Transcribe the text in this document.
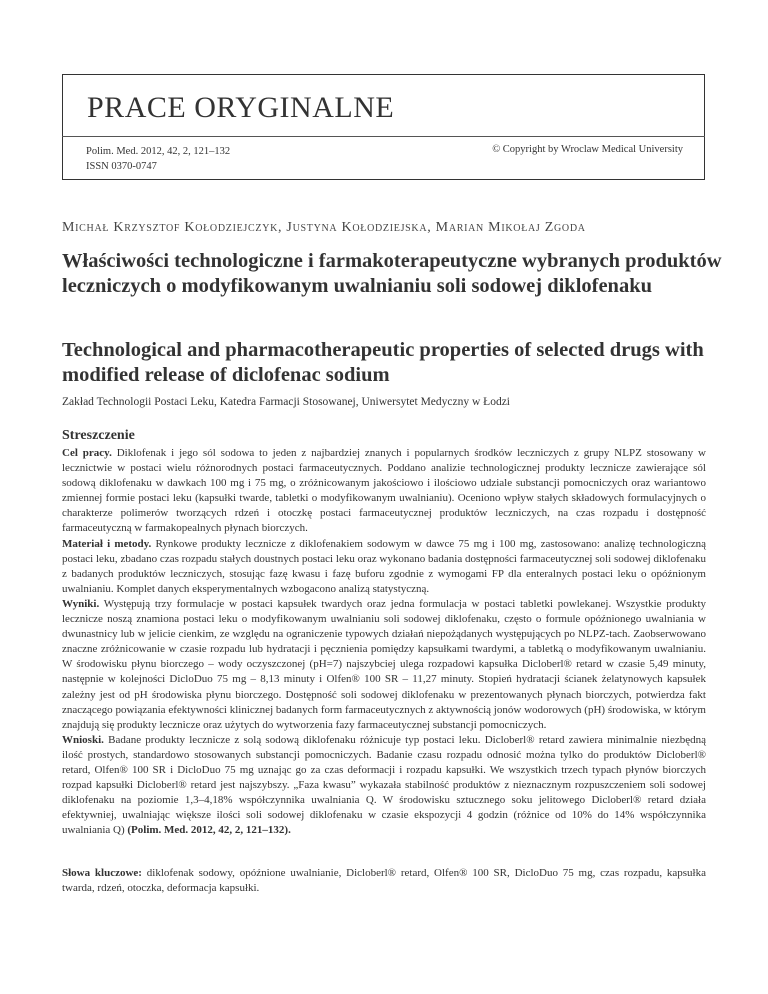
PRACE ORYGINALNE
Polim. Med. 2012, 42, 2, 121–132
ISSN 0370-0747
© Copyright by Wroclaw Medical University
Michał Krzysztof Kołodziejczyk, Justyna Kołodziejska, Marian Mikołaj Zgoda
Właściwości technologiczne i farmakoterapeutyczne wybranych produktów leczniczych o modyfikowanym uwalnianiu soli sodowej diklofenaku
Technological and pharmacotherapeutic properties of selected drugs with modified release of diclofenac sodium
Zakład Technologii Postaci Leku, Katedra Farmacji Stosowanej, Uniwersytet Medyczny w Łodzi
Streszczenie

Cel pracy. Diklofenak i jego sól sodowa to jeden z najbardziej znanych i popularnych środków leczniczych z grupy NLPZ stosowany w lecznictwie w postaci wielu różnorodnych postaci farmaceutycznych. Poddano analizie technologicznej produkty lecznicze zawierające sól sodową diklofenaku w dawkach 100 mg i 75 mg, o zróżnicowanym jakościowo i ilościowo udziale substancji pomocniczych oraz wariantowo zmiennej formie postaci leku (kapsułki twarde, tabletki o modyfikowanym uwalnianiu). Oceniono wpływ stałych składowych formulacyjnych o charakterze polimerów tworzących rdzeń i otoczkę postaci farmaceutycznej produktów leczniczych, na czas rozpadu i dostępność farmaceutyczną w farmakopealnych płynach biorczych.

Materiał i metody. Rynkowe produkty lecznicze z diklofenakiem sodowym w dawce 75 mg i 100 mg, zastosowano: analizę technologiczną postaci leku, zbadano czas rozpadu stałych doustnych postaci leku oraz wykonano badania dostępności farmaceutycznej soli sodowej diklofenaku z badanych produktów leczniczych, stosując fazę kwasu i fazę buforu zgodnie z wymogami FP dla enteralnych postaci leku o opóźnionym uwalnianiu. Komplet danych eksperymentalnych wzbogacono analizą statystyczną.

Wyniki. Występują trzy formulacje w postaci kapsułek twardych oraz jedna formulacja w postaci tabletki powlekanej. Wszystkie produkty lecznicze noszą znamiona postaci leku o modyfikowanym uwalnianiu soli sodowej diklofenaku, często o formule opóźnionego uwalniania w dwunastnicy lub w jelicie cienkim, ze względu na ograniczenie typowych działań niepożądanych występujących po NLPZ-tach. Zaobserwowano znaczne zróżnicowanie w czasie rozpadu lub hydratacji i pęcznienia pomiędzy kapsułkami twardymi, a tabletką o modyfikowanym uwalnianiu. W środowisku płynu biorczego – wody oczyszczonej (pH=7) najszybciej ulega rozpadowi kapsułka Dicloberl® retard w czasie 5,49 minuty, następnie w kolejności DicloDuo 75 mg – 8,13 minuty i Olfen® 100 SR – 11,27 minuty. Stopień hydratacji ścianek żelatynowych kapsułek zależny jest od pH środowiska płynu biorczego. Dostępność soli sodowej diklofenaku w prezentowanych płynach biorczych, potwierdza fakt znaczącego powiązania efektywności klinicznej badanych form farmaceutycznych z aktywnością jonów wodorowych (pH) środowiska, w którym znajdują się produkty lecznicze oraz użytych do wytworzenia fazy farmaceutycznej substancji pomocniczych.

Wnioski. Badane produkty lecznicze z solą sodową diklofenaku różnicuje typ postaci leku. Dicloberl® retard zawiera minimalnie niezbędną ilość prostych, standardowo stosowanych substancji pomocniczych. Badanie czasu rozpadu odnosić można tylko do produktów Dicloberl® retard, Olfen® 100 SR i DicloDuo 75 mg uznając go za czas deformacji i rozpadu kapsułki. We wszystkich trzech typach płynów biorczych rozpad kapsułki Dicloberl® retard jest najszybszy. „Faza kwasu” wykazała stabilność produktów z nieznacznym rozpuszczeniem soli sodowej diklofenaku na poziomie 1,3–4,18% współczynnika uwalniania Q. W środowisku sztucznego soku jelitowego Dicloberl® retard działa efektywniej, uwalniając większe ilości soli sodowej diklofenaku w czasie ekspozycji 4 godzin (różnice od 10% do 14% współczynnika uwalniania Q) (Polim. Med. 2012, 42, 2, 121–132).

Słowa kluczowe: diklofenak sodowy, opóźnione uwalnianie, Dicloberl® retard, Olfen® 100 SR, DicloDuo 75 mg, czas rozpadu, kapsułka twarda, rdzeń, otoczka, deformacja kapsułki.
